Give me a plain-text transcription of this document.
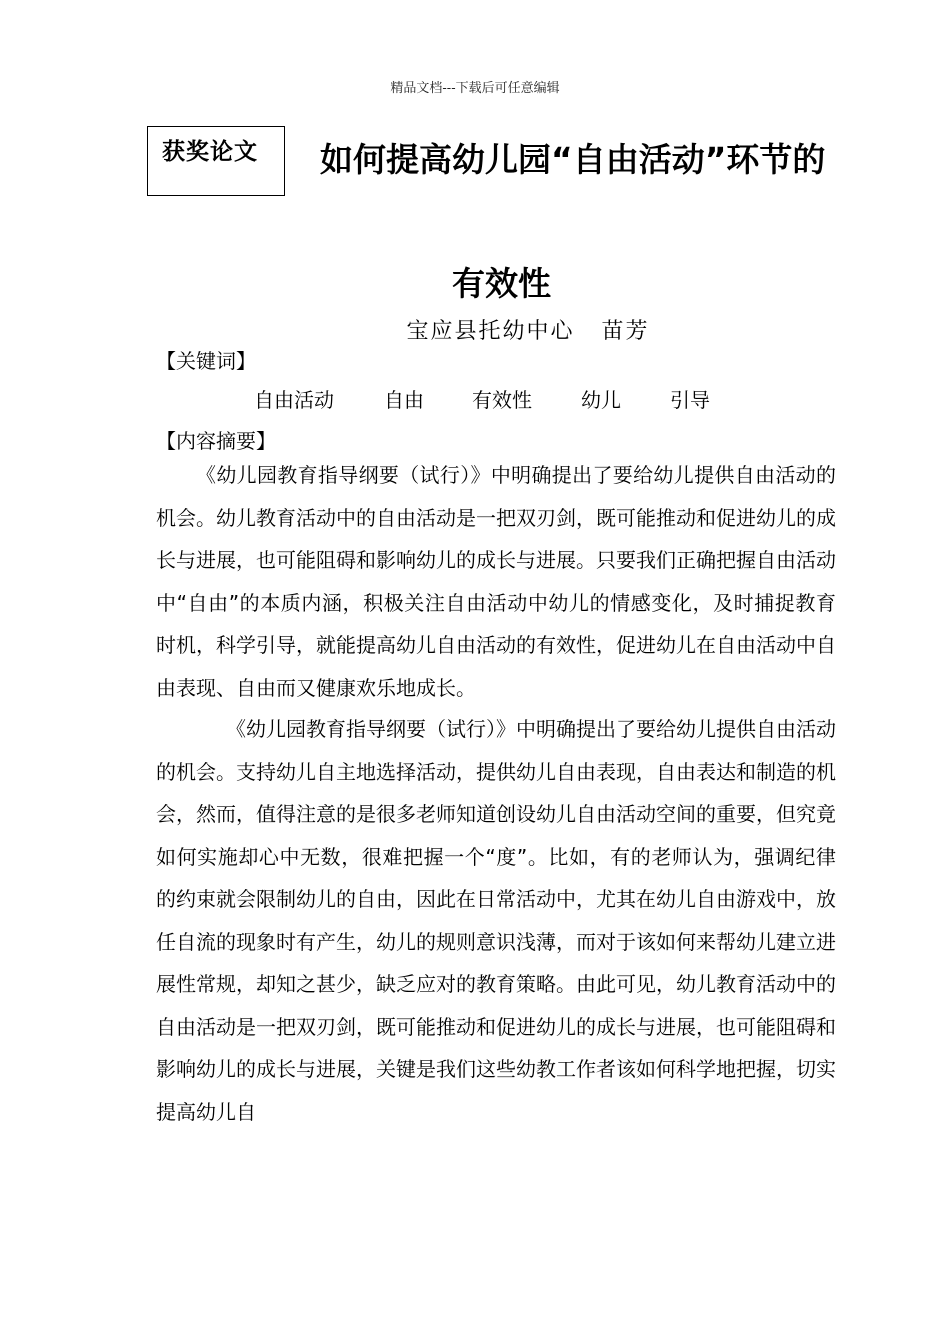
精品文档---下载后可任意编辑
获奖论文 如何提高幼儿园“自由活动”环节的
有效性
宝应县托幼中心   苗芳
【关键词】
自由活动	自由	有效性	幼儿	引导
【内容摘要】

《幼儿园教育指导纲要（试行）》中明确提出了要给幼儿提供自由活动的机会。幼儿教育活动中的自由活动是一把双刃剑，既可能推动和促进幼儿的成长与进展，也可能阻碍和影响幼儿的成长与进展。只要我们正确把握自由活动中“自由”的本质内涵，积极关注自由活动中幼儿的情感变化，及时捕捉教育时机，科学引导，就能提高幼儿自由活动的有效性，促进幼儿在自由活动中自由表现、自由而又健康欢乐地成长。

《幼儿园教育指导纲要（试行）》中明确提出了要给幼儿提供自由活动的机会。支持幼儿自主地选择活动，提供幼儿自由表现，自由表达和制造的机会，然而，值得注意的是很多老师知道创设幼儿自由活动空间的重要，但究竟如何实施却心中无数，很难把握一个“度”。比如，有的老师认为，强调纪律的约束就会限制幼儿的自由，因此在日常活动中，尤其在幼儿自由游戏中，放任自流的现象时有产生，幼儿的规则意识浅薄，而对于该如何来帮幼儿建立进展性常规，却知之甚少，缺乏应对的教育策略。由此可见，幼儿教育活动中的自由活动是一把双刃剑，既可能推动和促进幼儿的成长与进展，也可能阻碍和影响幼儿的成长与进展，关键是我们这些幼教工作者该如何科学地把握，切实提高幼儿自
